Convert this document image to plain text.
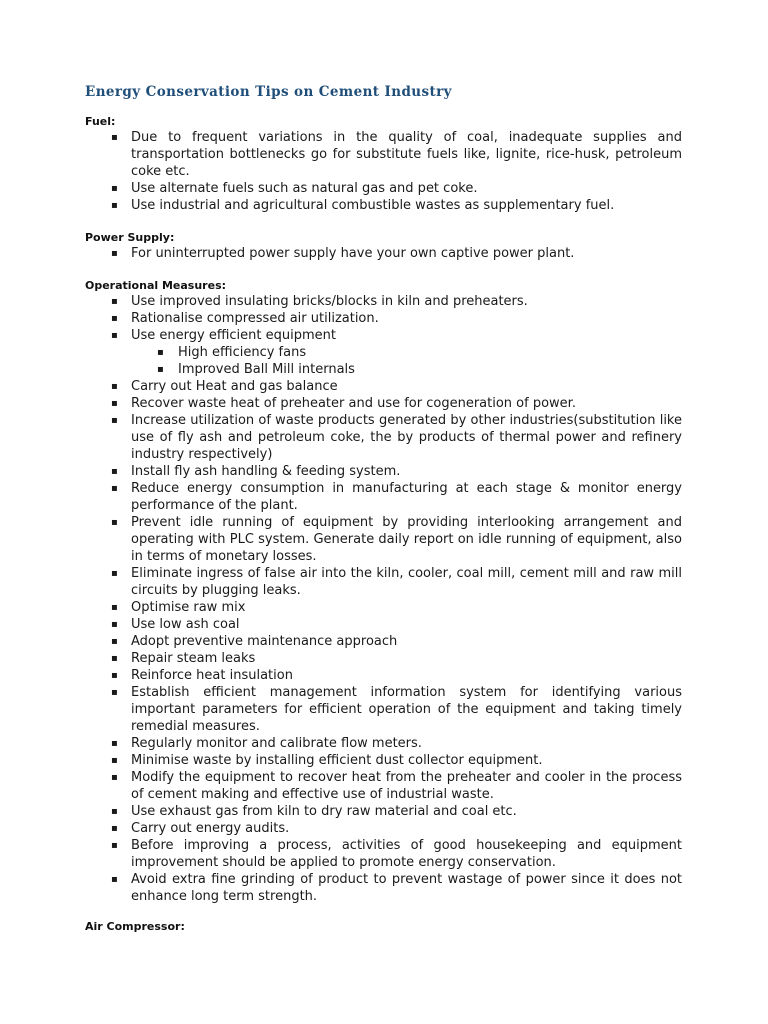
Energy Conservation Tips on Cement Industry
Fuel:
▪ Due to frequent variations in the quality of coal, inadequate supplies and transportation bottlenecks go for substitute fuels like, lignite, rice-husk, petroleum coke etc.
▪ Use alternate fuels such as natural gas and pet coke.
▪ Use industrial and agricultural combustible wastes as supplementary fuel.
Power Supply:
▪ For uninterrupted power supply have your own captive power plant.
Operational Measures:
▪ Use improved insulating bricks/blocks in kiln and preheaters.
▪ Rationalise compressed air utilization.
▪ Use energy efficient equipment
▪ High efficiency fans
▪ Improved Ball Mill internals
▪ Carry out Heat and gas balance
▪ Recover waste heat of preheater and use for cogeneration of power.
▪ Increase utilization of waste products generated by other industries(substitution like use of fly ash and petroleum coke, the by products of thermal power and refinery industry respectively)
▪ Install fly ash handling & feeding system.
▪ Reduce energy consumption in manufacturing at each stage & monitor energy performance of the plant.
▪ Prevent idle running of equipment by providing interlooking arrangement and operating with PLC system. Generate daily report on idle running of equipment, also in terms of monetary losses.
▪ Eliminate ingress of false air into the kiln, cooler, coal mill, cement mill and raw mill circuits by plugging leaks.
▪ Optimise raw mix
▪ Use low ash coal
▪ Adopt preventive maintenance approach
▪ Repair steam leaks
▪ Reinforce heat insulation
▪ Establish efficient management information system for identifying various important parameters for efficient operation of the equipment and taking timely remedial measures.
▪ Regularly monitor and calibrate flow meters.
▪ Minimise waste by installing efficient dust collector equipment.
▪ Modify the equipment to recover heat from the preheater and cooler in the process of cement making and effective use of industrial waste.
▪ Use exhaust gas from kiln to dry raw material and coal etc.
▪ Carry out energy audits.
▪ Before improving a process, activities of good housekeeping and equipment improvement should be applied to promote energy conservation.
▪ Avoid extra fine grinding of product to prevent wastage of power since it does not enhance long term strength.
Air Compressor:
